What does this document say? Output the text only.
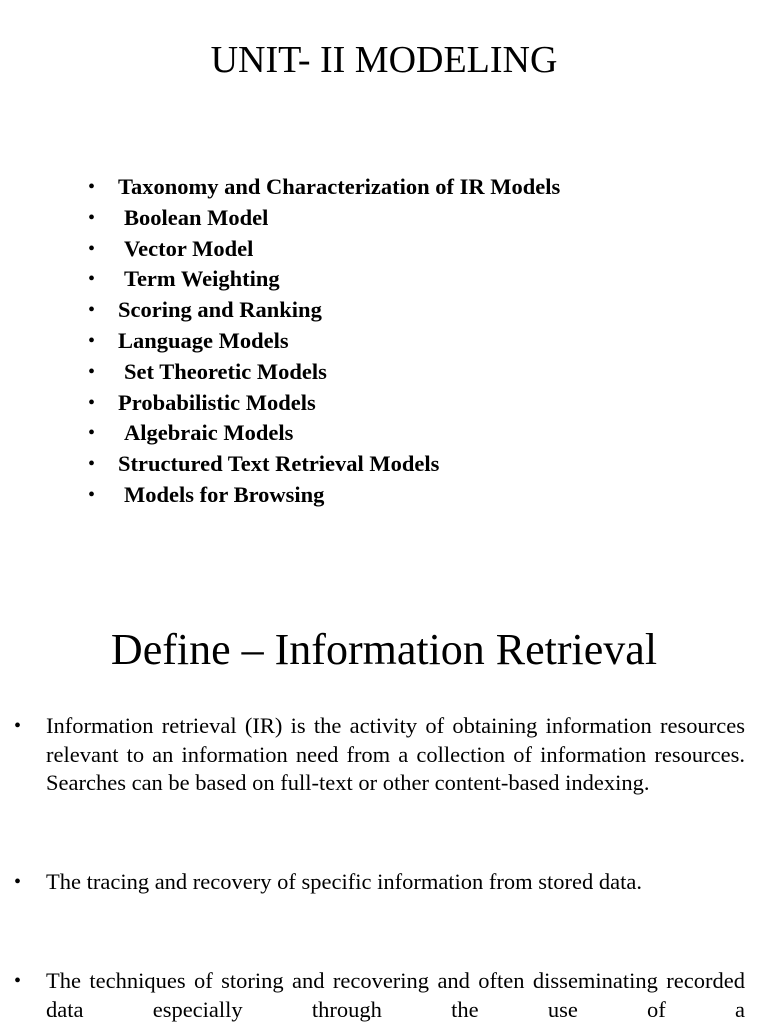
UNIT- II MODELING
• Taxonomy and Characterization of IR Models
• Boolean Model
• Vector Model
• Term Weighting
• Scoring and Ranking
• Language Models
• Set Theoretic Models
• Probabilistic Models
• Algebraic Models
• Structured Text Retrieval Models
• Models for Browsing
Define – Information Retrieval
• Information retrieval (IR) is the activity of obtaining information resources relevant to an information need from a collection of information resources. Searches can be based on full-text or other content-based indexing.
• The tracing and recovery of specific information from stored data.
• The techniques of storing and recovering and often disseminating recorded data especially through the use of a
